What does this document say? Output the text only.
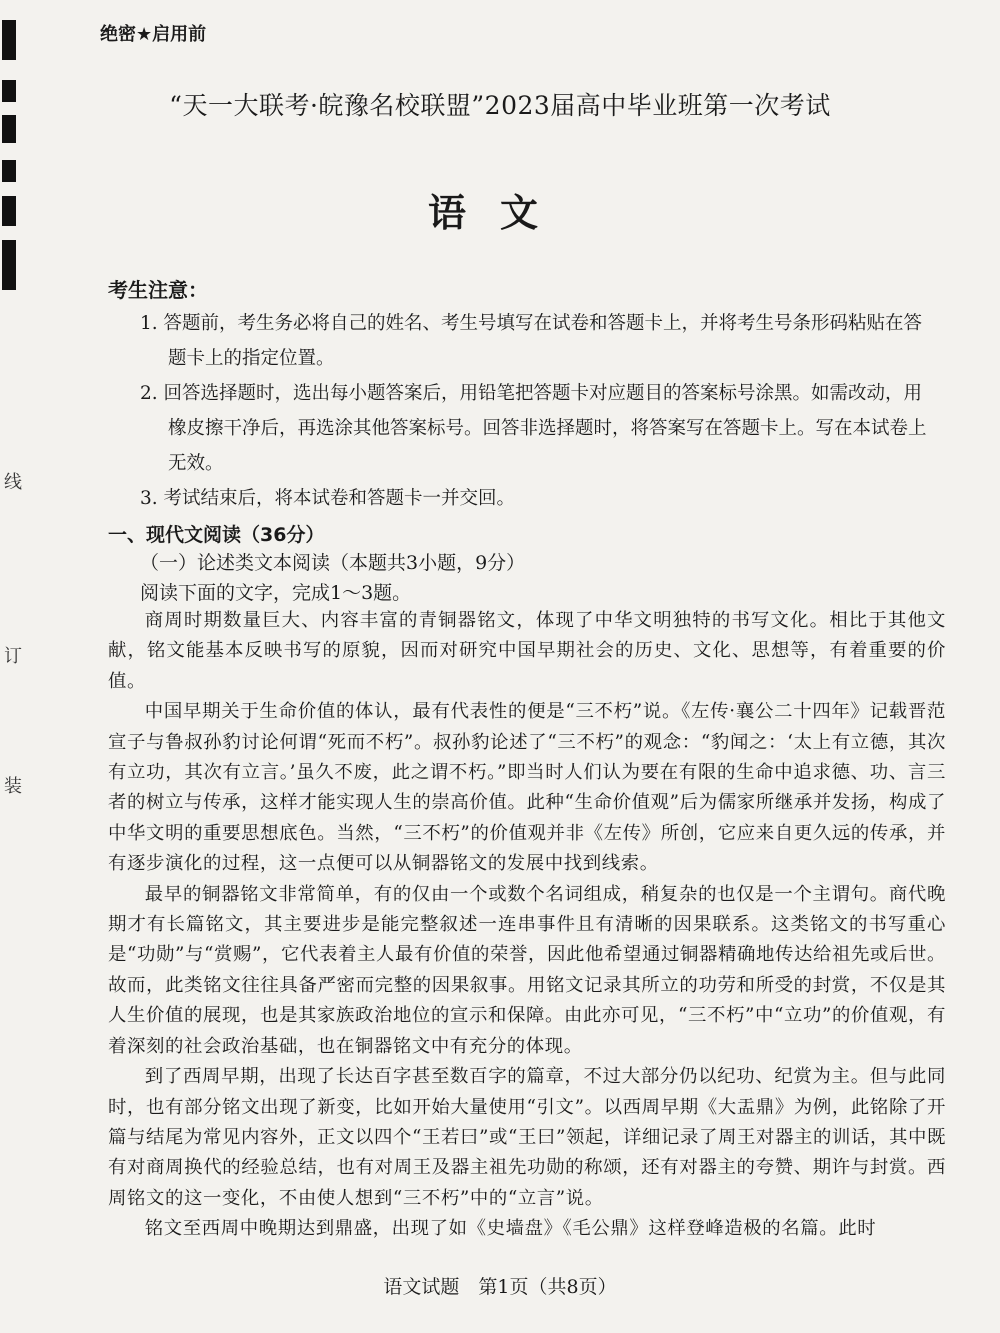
线
订
装
绝密★启用前
“天一大联考·皖豫名校联盟”2023届高中毕业班第一次考试
语文
考生注意：
1. 答题前，考生务必将自己的姓名、考生号填写在试卷和答题卡上，并将考生号条形码粘贴在答题卡上的指定位置。
2. 回答选择题时，选出每小题答案后，用铅笔把答题卡对应题目的答案标号涂黑。如需改动，用橡皮擦干净后，再选涂其他答案标号。回答非选择题时，将答案写在答题卡上。写在本试卷上无效。
3. 考试结束后，将本试卷和答题卡一并交回。
一、现代文阅读（36分）
（一）论述类文本阅读（本题共3小题，9分）
阅读下面的文字，完成1～3题。

商周时期数量巨大、内容丰富的青铜器铭文，体现了中华文明独特的书写文化。相比于其他文献，铭文能基本反映书写的原貌，因而对研究中国早期社会的历史、文化、思想等，有着重要的价值。

中国早期关于生命价值的体认，最有代表性的便是“三不朽”说。《左传·襄公二十四年》记载晋范宣子与鲁叔孙豹讨论何谓“死而不朽”。叔孙豹论述了“三不朽”的观念：“豹闻之：‘太上有立德，其次有立功，其次有立言。’虽久不废，此之谓不朽。”即当时人们认为要在有限的生命中追求德、功、言三者的树立与传承，这样才能实现人生的崇高价值。此种“生命价值观”后为儒家所继承并发扬，构成了中华文明的重要思想底色。当然，“三不朽”的价值观并非《左传》所创，它应来自更久远的传承，并有逐步演化的过程，这一点便可以从铜器铭文的发展中找到线索。

最早的铜器铭文非常简单，有的仅由一个或数个名词组成，稍复杂的也仅是一个主谓句。商代晚期才有长篇铭文，其主要进步是能完整叙述一连串事件且有清晰的因果联系。这类铭文的书写重心是“功勋”与“赏赐”，它代表着主人最有价值的荣誉，因此他希望通过铜器精确地传达给祖先或后世。故而，此类铭文往往具备严密而完整的因果叙事。用铭文记录其所立的功劳和所受的封赏，不仅是其人生价值的展现，也是其家族政治地位的宣示和保障。由此亦可见，“三不朽”中“立功”的价值观，有着深刻的社会政治基础，也在铜器铭文中有充分的体现。

到了西周早期，出现了长达百字甚至数百字的篇章，不过大部分仍以纪功、纪赏为主。但与此同时，也有部分铭文出现了新变，比如开始大量使用“引文”。以西周早期《大盂鼎》为例，此铭除了开篇与结尾为常见内容外，正文以四个“王若曰”或“王曰”领起，详细记录了周王对器主的训话，其中既有对商周换代的经验总结，也有对周王及器主祖先功勋的称颂，还有对器主的夸赞、期许与封赏。西周铭文的这一变化，不由使人想到“三不朽”中的“立言”说。

铭文至西周中晚期达到鼎盛，出现了如《史墙盘》《毛公鼎》这样登峰造极的名篇。此时

语文试题　第1页（共8页）
